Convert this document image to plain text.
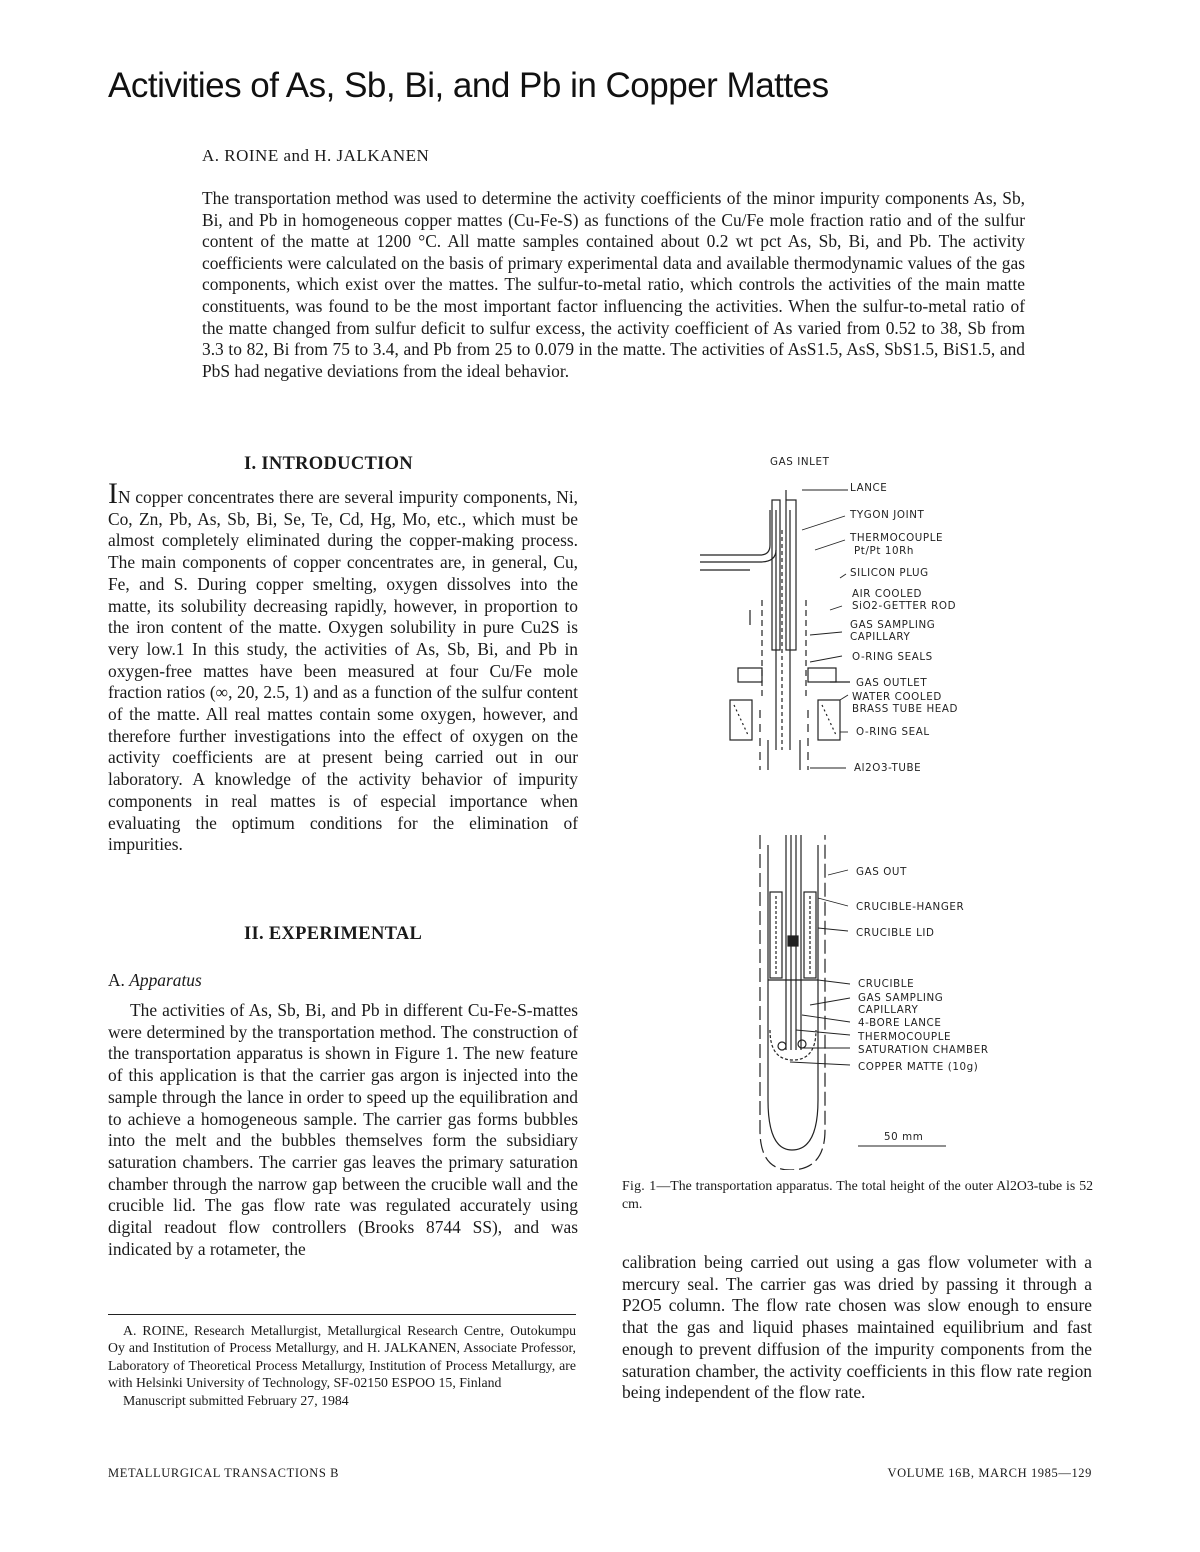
Activities of As, Sb, Bi, and Pb in Copper Mattes
A. ROINE and H. JALKANEN
The transportation method was used to determine the activity coefficients of the minor impurity components As, Sb, Bi, and Pb in homogeneous copper mattes (Cu-Fe-S) as functions of the Cu/Fe mole fraction ratio and of the sulfur content of the matte at 1200 °C. All matte samples contained about 0.2 wt pct As, Sb, Bi, and Pb. The activity coefficients were calculated on the basis of primary experimental data and available thermodynamic values of the gas components, which exist over the mattes. The sulfur-to-metal ratio, which controls the activities of the main matte constituents, was found to be the most important factor influencing the activities. When the sulfur-to-metal ratio of the matte changed from sulfur deficit to sulfur excess, the activity coefficient of As varied from 0.52 to 38, Sb from 3.3 to 82, Bi from 75 to 3.4, and Pb from 25 to 0.079 in the matte. The activities of AsS1.5, AsS, SbS1.5, BiS1.5, and PbS had negative deviations from the ideal behavior.
I. INTRODUCTION

IN copper concentrates there are several impurity components, Ni, Co, Zn, Pb, As, Sb, Bi, Se, Te, Cd, Hg, Mo, etc., which must be almost completely eliminated during the copper-making process. The main components of copper concentrates are, in general, Cu, Fe, and S. During copper smelting, oxygen dissolves into the matte, its solubility decreasing rapidly, however, in proportion to the iron content of the matte. Oxygen solubility in pure Cu2S is very low.1 In this study, the activities of As, Sb, Bi, and Pb in oxygen-free mattes have been measured at four Cu/Fe mole fraction ratios (∞, 20, 2.5, 1) and as a function of the sulfur content of the matte. All real mattes contain some oxygen, however, and therefore further investigations into the effect of oxygen on the activity coefficients are at present being carried out in our laboratory. A knowledge of the activity behavior of impurity components in real mattes is of especial importance when evaluating the optimum conditions for the elimination of impurities.

II. EXPERIMENTAL
A. Apparatus

The activities of As, Sb, Bi, and Pb in different Cu-Fe-S-mattes were determined by the transportation method. The construction of the transportation apparatus is shown in Figure 1. The new feature of this application is that the carrier gas argon is injected into the sample through the lance in order to speed up the equilibration and to achieve a homogeneous sample. The carrier gas forms bubbles into the melt and the bubbles themselves form the subsidiary saturation chambers. The carrier gas leaves the primary saturation chamber through the narrow gap between the crucible wall and the crucible lid. The gas flow rate was regulated accurately using digital readout flow controllers (Brooks 8744 SS), and was indicated by a rotameter, the

calibration being carried out using a gas flow volumeter with a mercury seal. The carrier gas was dried by passing it through a P2O5 column. The flow rate chosen was slow enough to ensure that the gas and liquid phases maintained equilibrium and fast enough to prevent diffusion of the impurity components from the saturation chamber, the activity coefficients in this flow rate region being independent of the flow rate.

A. ROINE, Research Metallurgist, Metallurgical Research Centre, Outokumpu Oy and Institution of Process Metallurgy, and H. JALKANEN, Associate Professor, Laboratory of Theoretical Process Metallurgy, Institution of Process Metallurgy, are with Helsinki University of Technology, SF-02150 ESPOO 15, Finland

Manuscript submitted February 27, 1984

GAS INLET
LANCE
TYGON JOINT
THERMOCOUPLE
Pt/Pt 10Rh
SILICON PLUG
AIR COOLED
SiO2-GETTER ROD
GAS SAMPLING
CAPILLARY
O-RING SEALS
GAS OUTLET
WATER COOLED
BRASS TUBE HEAD
O-RING SEAL
Al2O3-TUBE
GAS OUT
CRUCIBLE-HANGER
CRUCIBLE LID
CRUCIBLE
GAS SAMPLING
CAPILLARY
4-BORE LANCE
THERMOCOUPLE
SATURATION CHAMBER
COPPER MATTE (10g)
50 mm
Fig. 1—The transportation apparatus. The total height of the outer Al2O3-tube is 52 cm.
METALLURGICAL TRANSACTIONS B	VOLUME 16B, MARCH 1985—129
